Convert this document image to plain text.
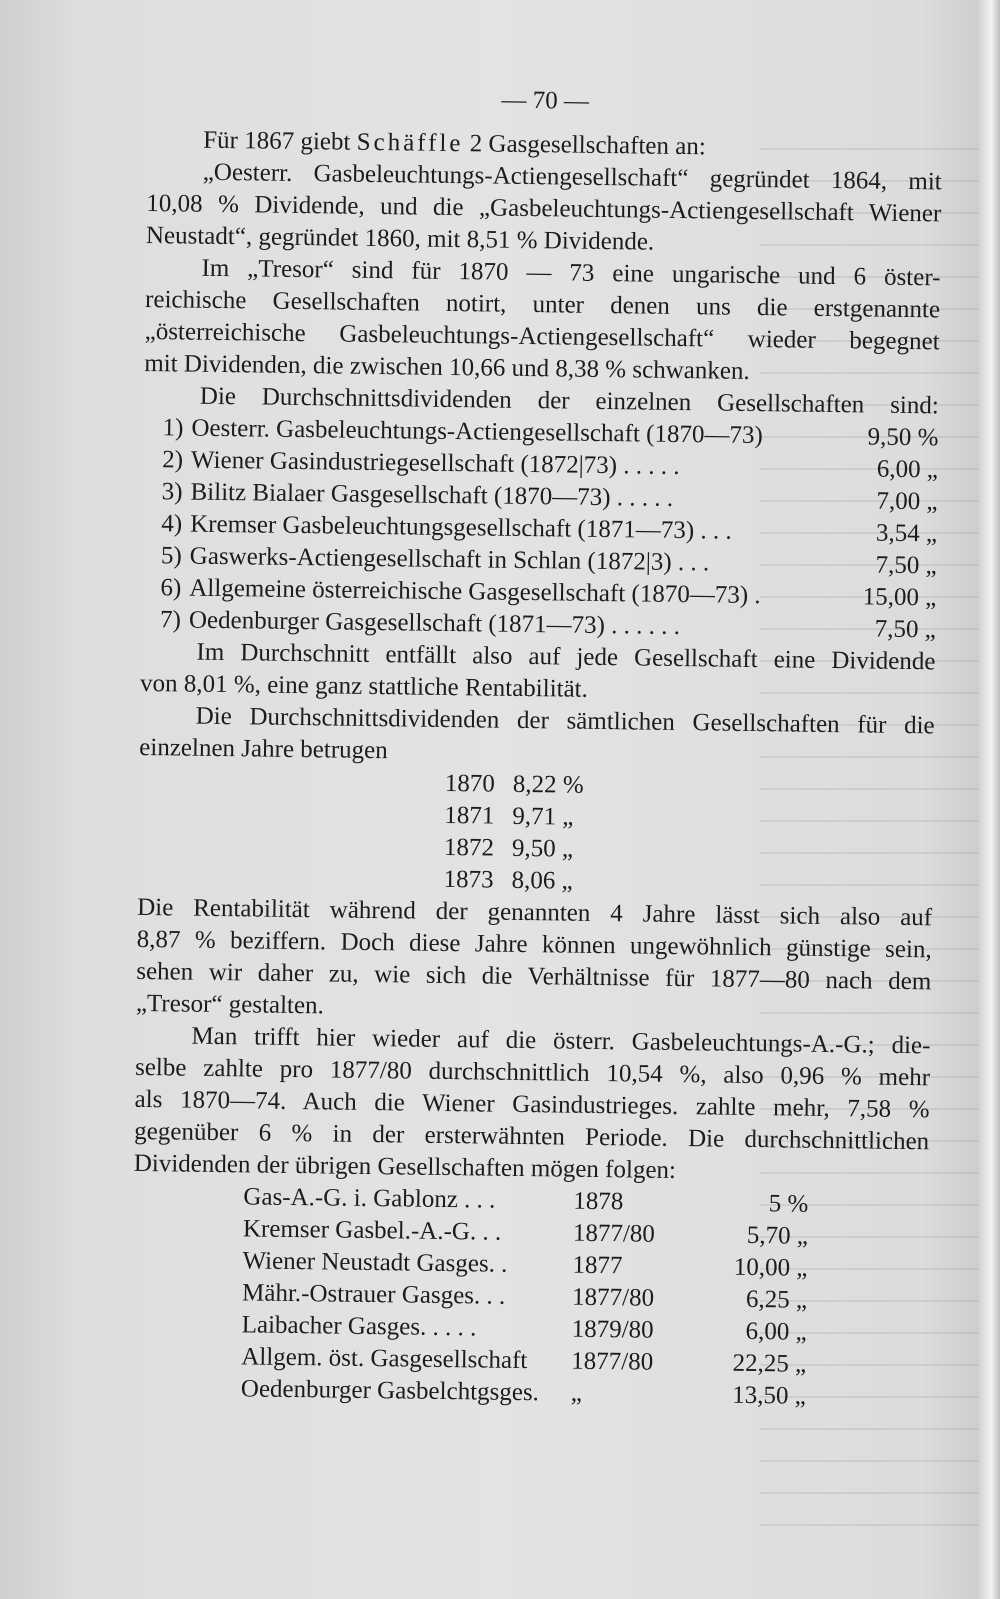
— 70 —
Für 1867 giebt Schäffle 2 Gasgesellschaften an:
„Oesterr. Gasbeleuchtungs-Actiengesellschaft“ gegründet 1864, mit
10,08 % Dividende, und die „Gasbeleuchtungs-Actiengesellschaft Wiener
Neustadt“, gegründet 1860, mit 8,51 % Dividende.
Im „Tresor“ sind für 1870 — 73 eine ungarische und 6 öster-
reichische Gesellschaften notirt, unter denen uns die erstgenannte
„österreichische Gasbeleuchtungs-Actiengesellschaft“ wieder begegnet
mit Dividenden, die zwischen 10,66 und 8,38 % schwanken.
Die Durchschnittsdividenden der einzelnen Gesellschaften sind:
1) Oesterr. Gasbeleuchtungs-Actiengesellschaft (1870—73)	9,50 %
2) Wiener Gasindustriegesellschaft (1872|73) . . . . .	6,00 „
3) Bilitz Bialaer Gasgesellschaft (1870—73) . . . . .	7,00 „
4) Kremser Gasbeleuchtungsgesellschaft (1871—73) . . .	3,54 „
5) Gaswerks-Actiengesellschaft in Schlan (1872|3) . . .	7,50 „
6) Allgemeine österreichische Gasgesellschaft (1870—73) .	15,00 „
7) Oedenburger Gasgesellschaft (1871—73) . . . . . .	7,50 „
Im Durchschnitt entfällt also auf jede Gesellschaft eine Dividende
von 8,01 %, eine ganz stattliche Rentabilität.
Die Durchschnittsdividenden der sämtlichen Gesellschaften für die
einzelnen Jahre betrugen
1870 8,22 %
1871 9,71 „
1872 9,50 „
1873 8,06 „
Die Rentabilität während der genannten 4 Jahre lässt sich also auf
8,87 % beziffern. Doch diese Jahre können ungewöhnlich günstige sein,
sehen wir daher zu, wie sich die Verhältnisse für 1877—80 nach dem
„Tresor“ gestalten.
Man trifft hier wieder auf die österr. Gasbeleuchtungs-A.-G.; die-
selbe zahlte pro 1877/80 durchschnittlich 10,54 %, also 0,96 % mehr
als 1870—74. Auch die Wiener Gasindustrieges. zahlte mehr, 7,58 %
gegenüber 6 % in der ersterwähnten Periode. Die durchschnittlichen
Dividenden der übrigen Gesellschaften mögen folgen:
Gas-A.-G. i. Gablonz . . .	1878	5 %
Kremser Gasbel.-A.-G. . .	1877/80	5,70 „
Wiener Neustadt Gasges. .	1877	10,00 „
Mähr.-Ostrauer Gasges. . .	1877/80	6,25 „
Laibacher Gasges. . . . .	1879/80	6,00 „
Allgem. öst. Gasgesellschaft	1877/80	22,25 „
Oedenburger Gasbelchtgsges.	„	13,50 „
